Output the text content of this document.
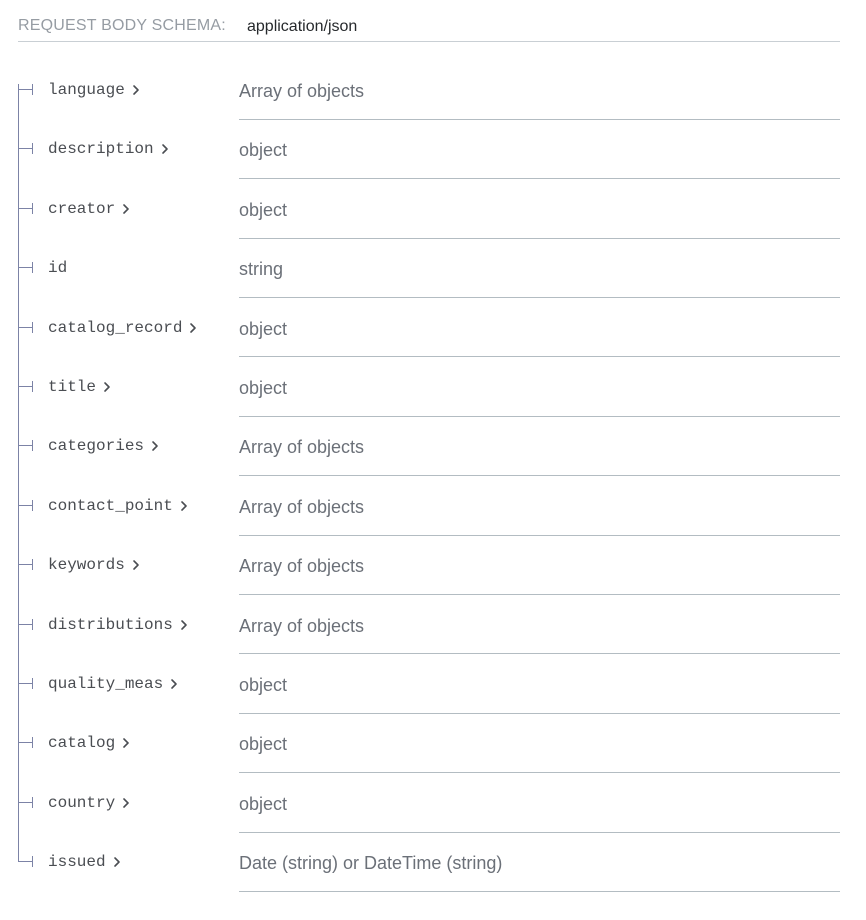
REQUEST BODY SCHEMA: application/json
language	Array of objects
description	object
creator	object
id	string
catalog_record	object
title	object
categories	Array of objects
contact_point	Array of objects
keywords	Array of objects
distributions	Array of objects
quality_meas	object
catalog	object
country	object
issued	Date (string) or DateTime (string)
